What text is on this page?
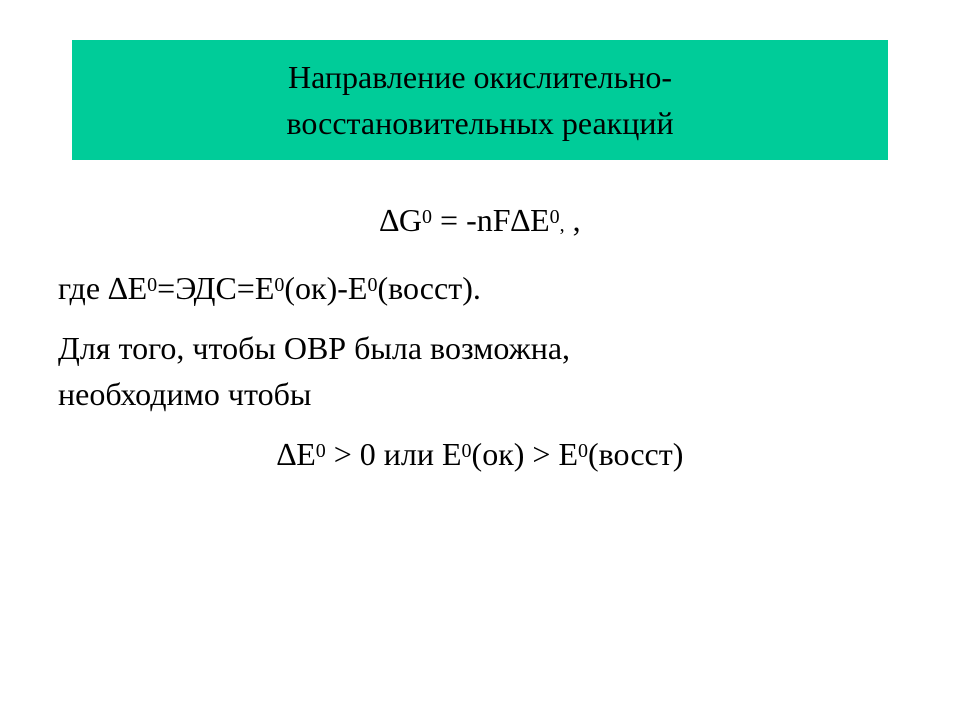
Направление окислительно-
восстановительных реакций
$\Delta G^0 = -nF\Delta E^0$, ,
где $\Delta E^0=ЭДС=E^0(ок)-E^0(восст)$.
Для того, чтобы ОВР была возможна,
необходимо чтобы
$\Delta E^0 > 0$ или $E^0(ок)$ > $E^0(восст)$
